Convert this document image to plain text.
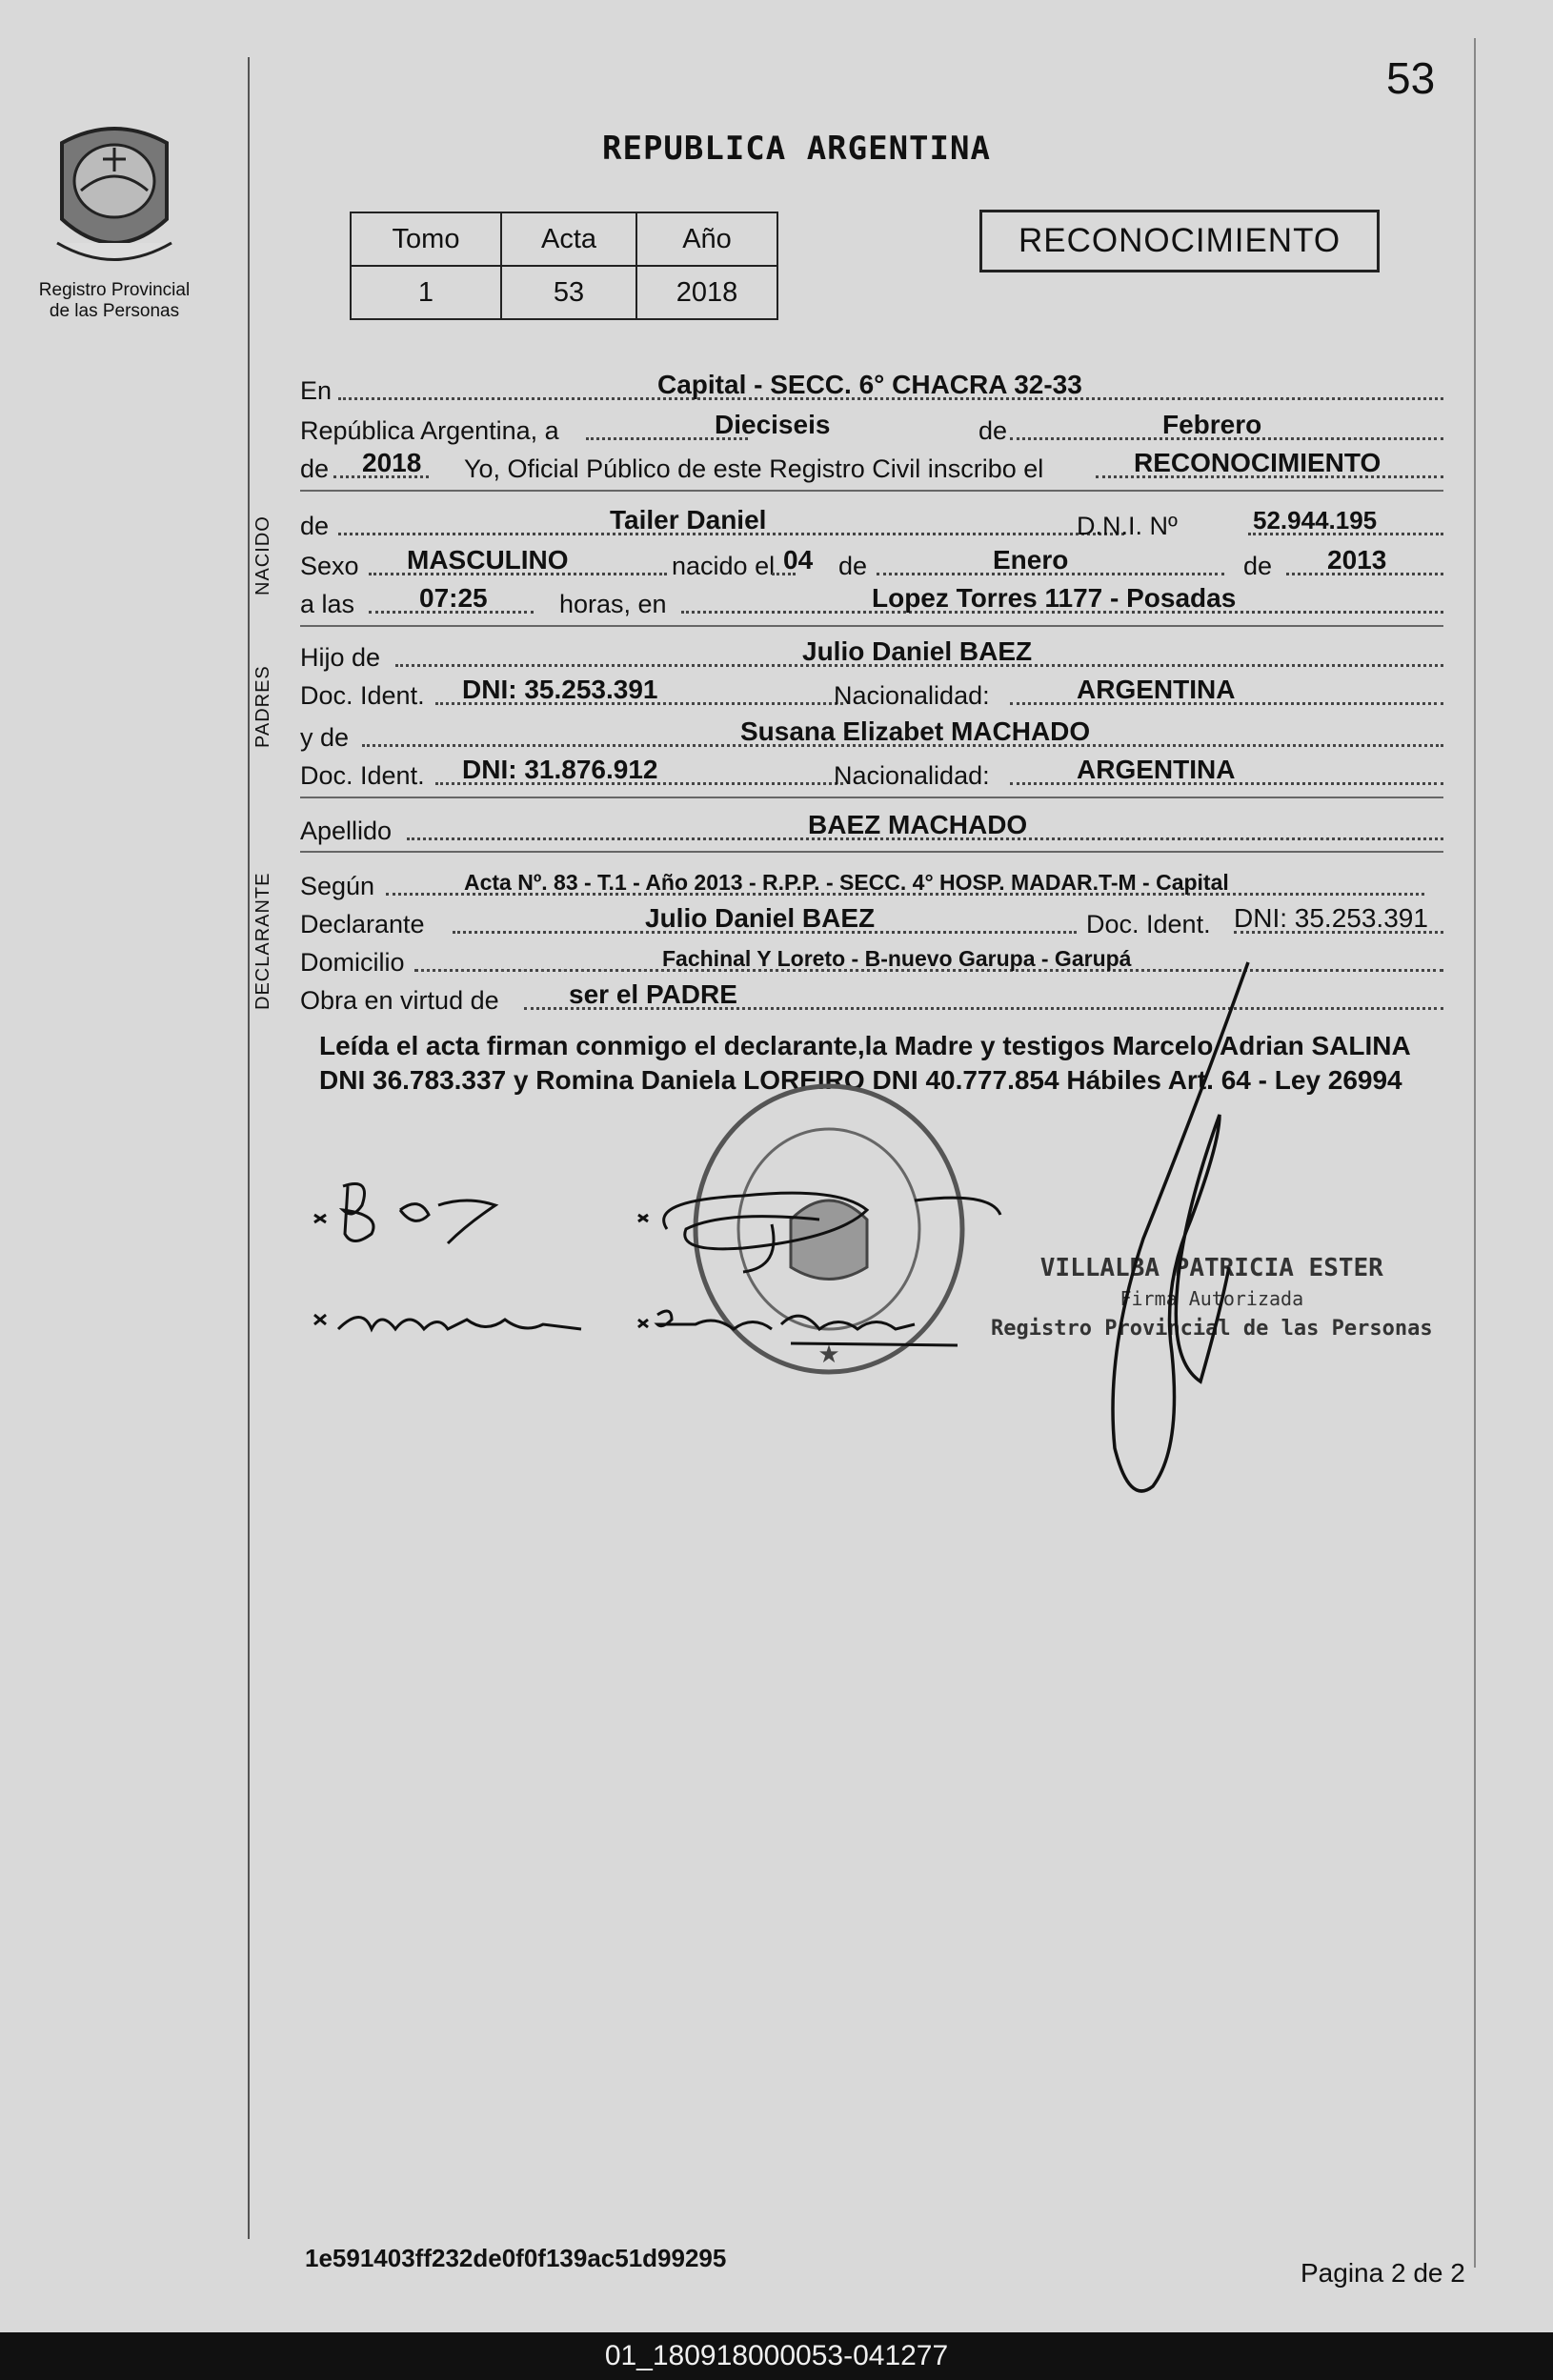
Registro Provincial
de las Personas
53
REPUBLICA ARGENTINA
Tomo	Acta	Año
1	53	2018
RECONOCIMIENTO
NACIDO
PADRES
DECLARANTE
En	Capital - SECC. 6° CHACRA 32-33
República Argentina, a	Dieciseis	de	Febrero
de 2018 Yo, Oficial Público de este Registro Civil inscribo el	RECONOCIMIENTO
de	Tailer Daniel	D.N.I. Nº	52.944.195
Sexo MASCULINO	nacido el 04 de	Enero	de 2013
a las 07:25	horas, en	Lopez Torres 1177 - Posadas
Hijo de	Julio Daniel BAEZ
Doc. Ident. DNI: 35.253.391	Nacionalidad:	ARGENTINA
y de	Susana Elizabet MACHADO
Doc. Ident. DNI: 31.876.912	Nacionalidad:	ARGENTINA
Apellido	BAEZ MACHADO
Según	Acta Nº. 83 - T.1 - Año 2013 - R.P.P. - SECC. 4° HOSP. MADAR.T-M - Capital
Declarante	Julio Daniel BAEZ	Doc. Ident. DNI: 35.253.391
Domicilio	Fachinal Y Loreto - B-nuevo Garupa - Garupá
Obra en virtud de	ser el PADRE
Leída el acta firman conmigo el declarante,la Madre y testigos Marcelo Adrian SALINA DNI 36.783.337 y Romina Daniela LOREIRO DNI 40.777.854 Hábiles Art. 64 - Ley 26994
★
VILLALBA PATRICIA ESTER
Firma Autorizada
Registro Provincial de las Personas
1e591403ff232de0f0f139ac51d99295	Pagina 2 de 2
01_180918000053-041277
